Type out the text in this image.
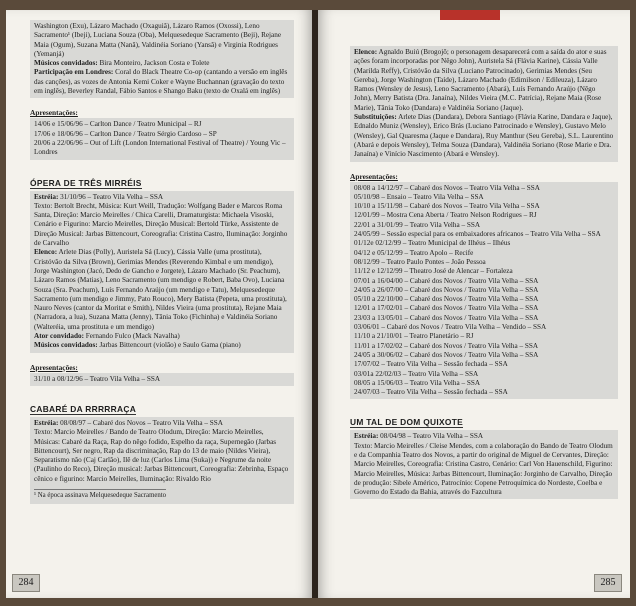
Washington (Exu), Lázaro Machado (Oxaguiã), Lázaro Ramos (Oxossi), Leno Sacramento¹ (Ibeji), Luciana Souza (Oba), Melquesedeque Sacramento (Beji), Rejane Maia (Ogum), Suzana Matta (Nanã), Valdinéia Soriano (Yansã) e Virginia Rodrigues (Yemanjá)

Músicos convidados: Bira Monteiro, Jackson Costa e Tolete

Participação em Londres: Coral do Black Theatre Co-op (cantando a versão em inglês das canções), as vozes de Antonia Kemi Coker e Wayne Buchannan (gravação do texto em inglês), Beverley Randal, Fábio Santos e Shango Baku (texto de Oxalá em inglês)

Apresentações:

14/06 e 15/06/96 – Carlton Dance / Teatro Municipal – RJ
17/06 e 18/06/96 – Carlton Dance / Teatro Sérgio Cardoso – SP
20/06 a 22/06/96 – Out of Lift (London International Festival of Theatre) / Young Vic – Londres

ÓPERA DE TRÊS MIRRÉIS

Estréia: 31/10/96 – Teatro Vila Velha – SSA

Texto: Bertolt Brecht, Música: Kurt Weill, Tradução: Wolfgang Bader e Marcos Roma Santa, Direção: Marcio Meirelles / Chica Carelli, Dramaturgista: Michaela Visoski, Cenário e Figurino: Marcio Meirelles, Direção Musical: Bertold Türke, Assistente de Direção Musical: Jarbas Bittencourt, Coreografia: Cristina Castro, Iluminação: Jorginho de Carvalho

Elenco: Arlete Dias (Polly), Auristela Sá (Lucy), Cássia Valle (uma prostituta), Cristóvão da Silva (Brown), Gerimias Mendes (Reverendo Kimbal e um mendigo), Jorge Washington (Jacó, Dedo de Gancho e Jorgete), Lázaro Machado (Sr. Peachum), Lázaro Ramos (Matias), Leno Sacramento (um mendigo e Robert, Baba Ovo), Luciana Souza (Sra. Peachum), Luís Fernando Araújo (um mendigo e Tatu), Melquesedeque Sacramento (um mendigo e Jimmy, Pato Rouco), Mery Batista (Pepeta, uma prostituta), Nauro Neves (cantor da Moritat e Smith), Nildes Vieira (uma prostituta), Rejane Maia (Narradora, a lua), Suzana Matta (Jenny), Tânia Toko (Fichinha) e Valdinéia Soriano (Walteréia, uma prostituta e um mendigo)

Ator convidado: Fernando Fulco (Mack Navalha)

Músicos convidados: Jarbas Bittencourt (violão) e Saulo Gama (piano)

Apresentações:

31/10 a 08/12/96 – Teatro Vila Velha – SSA

CABARÉ DA RRRRRAÇA

Estréia: 08/08/97 – Cabaré dos Novos – Teatro Vila Velha – SSA

Texto: Marcio Meirelles / Bando de Teatro Olodum, Direção: Marcio Meirelles, Músicas: Cabaré da Raça, Rap do nêgo fodido, Espelho da raça, Supernegão (Jarbas Bittencourt), Ser negro, Rap da discriminação, Rap do 13 de maio (Nildes Vieira), Separatismo não (Caj Carlão), Ilê de luz (Carlos Lima (Suka)) e Negrume da noite (Paulinho do Reco), Direção musical: Jarbas Bittencourt, Coreografia: Zebrinha, Espaço cênico e figurino: Marcio Meirelles, Iluminação: Rivaldo Rio

¹ Na época assinava Melquesedeque Sacramento
284

Elenco: Agnaldo Buiú (Brogojô; o personagem desaparecerá com a saída do ator e suas ações foram incorporadas por Nêgo John), Auristela Sá (Flávia Karine), Cássia Valle (Marilda Reffy), Cristóvão da Silva (Luciano Patrocinado), Gerimias Mendes (Seu Gereba), Jorge Washington (Taíde), Lázaro Machado (Edimilson / Edileuza), Lázaro Ramos (Wensley de Jesus), Leno Sacramento (Abará), Luís Fernando Araújo (Nêgo John), Merry Batista (Dra. Janaína), Nildes Vieira (M.C. Patrícia), Rejane Maia (Rose Marie), Tânia Toko (Dandara) e Valdinéia Soriano (Jaque).

Substituições: Arlete Dias (Dandara), Debora Santiago (Flávia Karine, Dandara e Jaque), Ednaldo Muniz (Wensley), Erico Brás (Luciano Patrocinado e Wensley), Gustavo Melo (Wensley), Gal Quaresma (Jaque e Dandara), Ruy Manthur (Seu Gereba), S.L. Laurentino (Abará e depois Wensley), Telma Souza (Dandara), Valdinéia Soriano (Rose Marie e Dra. Janaína) e Vinício Nascimento (Abará e Wensley).

Apresentações:

08/08 a 14/12/97 – Cabaré dos Novos – Teatro Vila Velha – SSA
05/10/98 – Ensaio – Teatro Vila Velha – SSA
10/10 a 15/11/98 – Cabaré dos Novos – Teatro Vila Velha – SSA
12/01/99 – Mostra Cena Aberta / Teatro Nelson Rodrigues – RJ
22/01 a 31/01/99 – Teatro Vila Velha – SSA
24/05/99 – Sessão especial para os embaixadores africanos – Teatro Vila Velha – SSA
01/12e 02/12/99 – Teatro Municipal de Ilhéus – Ilhéus
04/12 e 05/12/99 – Teatro Apolo – Recife
08/12/99 – Teatro Paulo Pontes – João Pessoa
11/12 e 12/12/99 – Theatro José de Alencar – Fortaleza
07/01 a 16/04/00 – Cabaré dos Novos / Teatro Vila Velha – SSA
24/05 a 26/07/00 – Cabaré dos Novos / Teatro Vila Velha – SSA
05/10 a 22/10/00 – Cabaré dos Novos / Teatro Vila Velha – SSA
12/01 a 17/02/01 – Cabaré dos Novos / Teatro Vila Velha – SSA
23/03 a 13/05/01 – Cabaré dos Novos / Teatro Vila Velha – SSA
03/06/01 – Cabaré dos Novos / Teatro Vila Velha – Vendido – SSA
11/10 a 21/10/01 – Teatro Planetário – RJ
11/01 a 17/02/02 – Cabaré dos Novos / Teatro Vila Velha – SSA
24/05 a 30/06/02 – Cabaré dos Novos / Teatro Vila Velha – SSA
17/07/02 – Teatro Vila Velha – Sessão fechada – SSA
03/01a 22/02/03 – Teatro Vila Velha – SSA
08/05 a 15/06/03 – Teatro Vila Velha – SSA
24/07/03 – Teatro Vila Velha – Sessão fechada – SSA

UM TAL DE DOM QUIXOTE

Estréia: 08/04/98 – Teatro Vila Velha – SSA

Texto: Marcio Meirelles / Cleise Mendes, com a colaboração do Bando de Teatro Olodum e da Companhia Teatro dos Novos, a partir do original de Miguel de Cervantes, Direção: Marcio Meirelles, Coreografia: Cristina Castro, Cenário: Carl Von Hauenschild, Figurino: Marcio Meirelles, Música: Jarbas Bittencourt, Iluminação: Jorginho de Carvalho, Direção de produção: Sibele Américo, Patrocínio: Copene Petroquímica do Nordeste, Coelba e Governo do Estado da Bahia, através do Fazcultura

285
